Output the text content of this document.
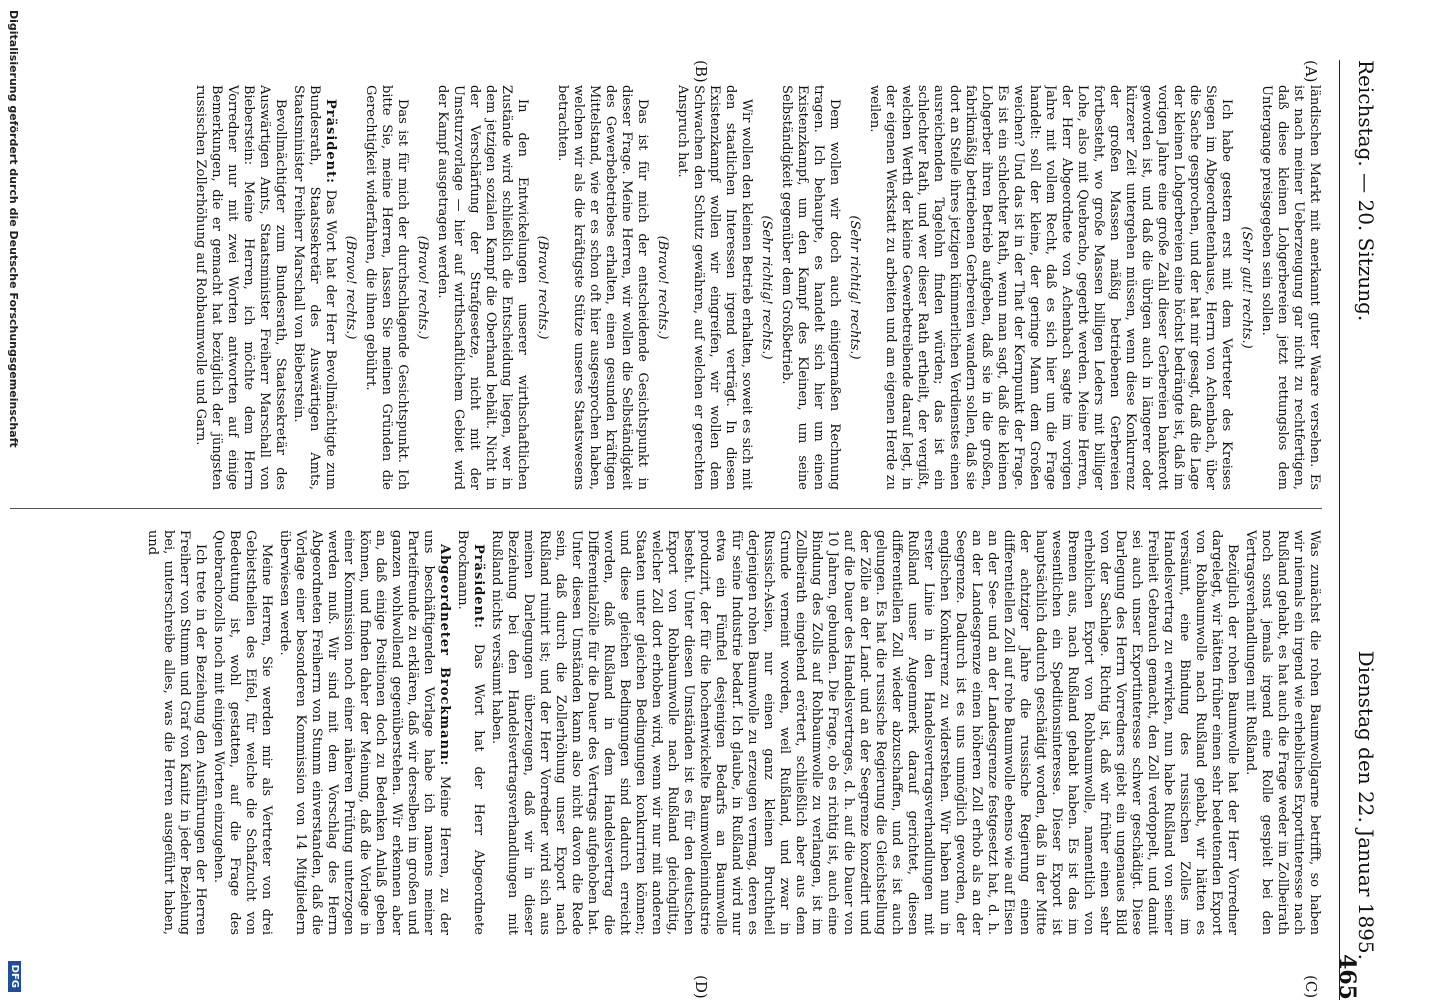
Reichstag. — 20. Sitzung.
Dienstag den 22. Januar 1895.
465
(A)
(B)
(C)
(D)

ländischen Markt mit anerkannt guter Waare versehen. Es ist nach meiner Ueberzeugung gar nicht zu rechtfertigen, daß diese kleinen Lohgerbereien jetzt rettungslos dem Untergange preisgegeben sein sollen.

(Sehr gut! rechts.)

Ich habe gestern erst mit dem Vertreter des Kreises Siegen im Abgeordnetenhause, Herrn von Achenbach, über die Sache gesprochen, und der hat mir gesagt, daß die Lage der kleinen Lohgerbereien eine höchst bedrängte ist, daß im vorigen Jahre eine große Zahl dieser Gerbereien bankerott geworden ist, und daß die übrigen auch in längerer oder kürzerer Zeit untergehen müssen, wenn diese Konkurrenz der großen Massen mäßig betriebenen Gerbereien fortbesteht, wo große Massen billigen Leders mit billiger Lohe, also mit Quebracho, gegerbt werden. Meine Herren, der Herr Abgeordnete von Achenbach sagte im vorigen Jahre mit vollem Recht, daß es sich hier um die Frage handelt: soll der kleine, der geringe Mann dem Großen weichen? Und das ist in der That der Kernpunkt der Frage. Es ist ein schlechter Rath, wenn man sagt, daß die kleinen Lohgerber ihren Betrieb aufgeben, daß sie in die großen, fabrikmäßig betriebenen Gerbereien wandern sollen, daß sie dort an Stelle ihres jetzigen kümmerlichen Verdienstes einen ausreichenden Tagelohn finden würden; das ist ein schlechter Rath, und wer dieser Rath ertheilt, der vergißt, welchen Werth der kleine Gewerbetreibende darauf legt, in der eigenen Werkstatt zu arbeiten und am eigenen Herde zu weilen.

(Sehr richtig! rechts.)

Dem wollen wir doch auch einigermaßen Rechnung tragen. Ich behaupte, es handelt sich hier um einen Existenzkampf, um den Kampf des Kleinen, um seine Selbständigkeit gegenüber dem Großbetrieb.

(Sehr richtig! rechts.)

Wir wollen den kleinen Betrieb erhalten, soweit es sich mit den staatlichen Interessen irgend verträgt. In diesen Existenzkampf wollen wir eingreifen, wir wollen dem Schwachen den Schutz gewähren, auf welchen er gerechten Anspruch hat.

(Bravo! rechts.)

Das ist für mich der entscheidende Gesichtspunkt in dieser Frage. Meine Herren, wir wollen die Selbständigkeit des Gewerbebetriebes erhalten, einen gesunden kräftigen Mittelstand, wie er es schon oft hier ausgesprochen haben, welchen wir als die kräftigste Stütze unseres Staatswesens betrachten.

(Bravo! rechts.)

In den Entwickelungen unserer wirthschaftlichen Zustände wird schließlich die Entscheidung liegen, wer in dem jetzigen sozialen Kampf die Oberhand behält. Nicht in der Verschärfung der Strafgesetze, nicht mit der Umsturzvorlage — hier auf wirthschaftlichem Gebiet wird der Kampf ausgetragen werden.

(Bravo! rechts.)

Das ist für mich der durchschlagende Gesichtspunkt. Ich bitte Sie, meine Herren, lassen Sie meinen Gründen die Gerechtigkeit widerfahren, die ihnen gebührt.

(Bravo! rechts.)

Präsident: Das Wort hat der Herr Bevollmächtigte zum Bundesrath, Staatssekretär des Auswärtigen Amts, Staatsminister Freiherr Marschall von Bieberstein.

Bevollmächtigter zum Bundesrath, Staatssekretär des Auswärtigen Amts, Staatsminister Freiherr Marschall von Bieberstein: Meine Herren, ich möchte dem Herrn Vorredner nur mit zwei Worten antworten auf einige Bemerkungen, die er gemacht hat bezüglich der jüngsten russischen Zollerhöhung auf Rohbaumwolle und Garn.

Was zunächst die rohen Baumwollgarne betrifft, so haben wir niemals ein irgend wie erhebliches Exportinteresse nach Rußland gehabt, es hat auch die Frage weder im Zollbeirath noch sonst jemals irgend eine Rolle gespielt bei den Vertragsverhandlungen mit Rußland.

Bezüglich der rohen Baumwolle hat der Herr Vorredner dargelegt, wir hätten früher einen sehr bedeutenden Export von Rohbaumwolle nach Rußland gehabt, wir hätten es versäumt, eine Bindung des russischen Zolles im Handelsvertrag zu erwirken, nun habe Rußland von seiner Freiheit Gebrauch gemacht, den Zoll verdoppelt, und damit sei auch unser Exportinteresse schwer geschädigt. Diese Darlegung des Herrn Vorredners giebt ein ungenaues Bild von der Sachlage. Richtig ist, daß wir früher einen sehr erheblichen Export von Rohbaumwolle, namentlich von Bremen aus, nach Rußland gehabt haben. Es ist das im wesentlichen ein Speditionsinteresse. Dieser Export ist hauptsächlich dadurch geschädigt worden, daß in der Mitte der achtziger Jahre die russische Regierung einen differentiellen Zoll auf rohe Baumwolle ebenso wie auf Eisen an der See- und an der Landesgrenze festgesetzt hat, d. h. an der Landesgrenze einen höheren Zoll erhob als an der Seegrenze. Dadurch ist es uns unmöglich geworden, der englischen Konkurrenz zu widerstehen. Wir haben nun in erster Linie in den Handelsvertragsverhandlungen mit Rußland unser Augenmerk darauf gerichtet, diesen differentiellen Zoll wieder abzuschaffen, und es ist auch gelungen. Es hat die russische Regierung die Gleichstellung der Zölle an der Land- und an der Seegrenze konzedirt und auf die Dauer des Handelsvertrages, d. h. auf die Dauer von 10 Jahren, gebunden. Die Frage, ob es richtig ist, auch eine Bindung des Zolls auf Rohbaumwolle zu verlangen, ist im Zollbeirath eingehend erörtert, schließlich aber aus dem Grunde verneint worden, weil Rußland, und zwar in Russisch-Asien, nur einen ganz kleinen Bruchtheil derjenigen rohen Baumwolle zu erzeugen vermag, deren es für seine Industrie bedarf. Ich glaube, in Rußland wird nur etwa ein Fünftel desjenigen Bedarfs an Baumwolle produzirt, der für die hochentwickelte Baumwollenindustrie besteht. Unter diesen Umständen ist es für den deutschen Export von Rohbaumwolle nach Rußland gleichgiltig, welcher Zoll dort erhoben wird, wenn wir nur mit anderen Staaten unter gleichen Bedingungen konkurriren können; und diese gleichen Bedingungen sind dadurch erreicht worden, daß Rußland in dem Handelsvertrag die Differentialzölle für die Dauer des Vertrags aufgehoben hat. Unter diesen Umständen kann also nicht davon die Rede sein, daß durch die Zollerhöhung unser Export nach Rußland ruinirt ist; und der Herr Vorredner wird sich aus meinen Darlegungen überzeugen, daß wir in dieser Beziehung bei den Handelsvertragsverhandlungen mit Rußland nichts versäumt haben.

Präsident: Das Wort hat der Herr Abgeordnete Brockmann.

Abgeordneter Brockmann: Meine Herren, zu der uns beschäftigenden Vorlage habe ich namens meiner Parteifreunde zu erklären, daß wir derselben im großen und ganzen wohlwollend gegenüberstehen. Wir erkennen aber an, daß einige Positionen doch zu Bedenken Anlaß geben können, und finden daher der Meinung, daß die Vorlage in einer Kommission noch einer näheren Prüfung unterzogen werden muß. Wir sind mit dem Vorschlag des Herrn Abgeordneten Freiherrn von Stumm einverstanden, daß die Vorlage einer besonderen Kommission von 14 Mitgliedern überwiesen werde.

Meine Herren, Sie werden mir als Vertreter von drei Gebietstheilen des Eifel, für welche die Schafzucht von Bedeutung ist, wohl gestatten, auf die Frage des Quebrachozolls noch mit einigen Worten einzugehen.

Ich trete in der Beziehung den Ausführungen der Herren Freiherr von Stumm und Graf von Kanitz in jeder Beziehung bei, unterschreibe alles, was die Herren ausgeführt haben, und

Digitalisierung gefördert durch die Deutsche Forschungsgemeinschaft
DFG
